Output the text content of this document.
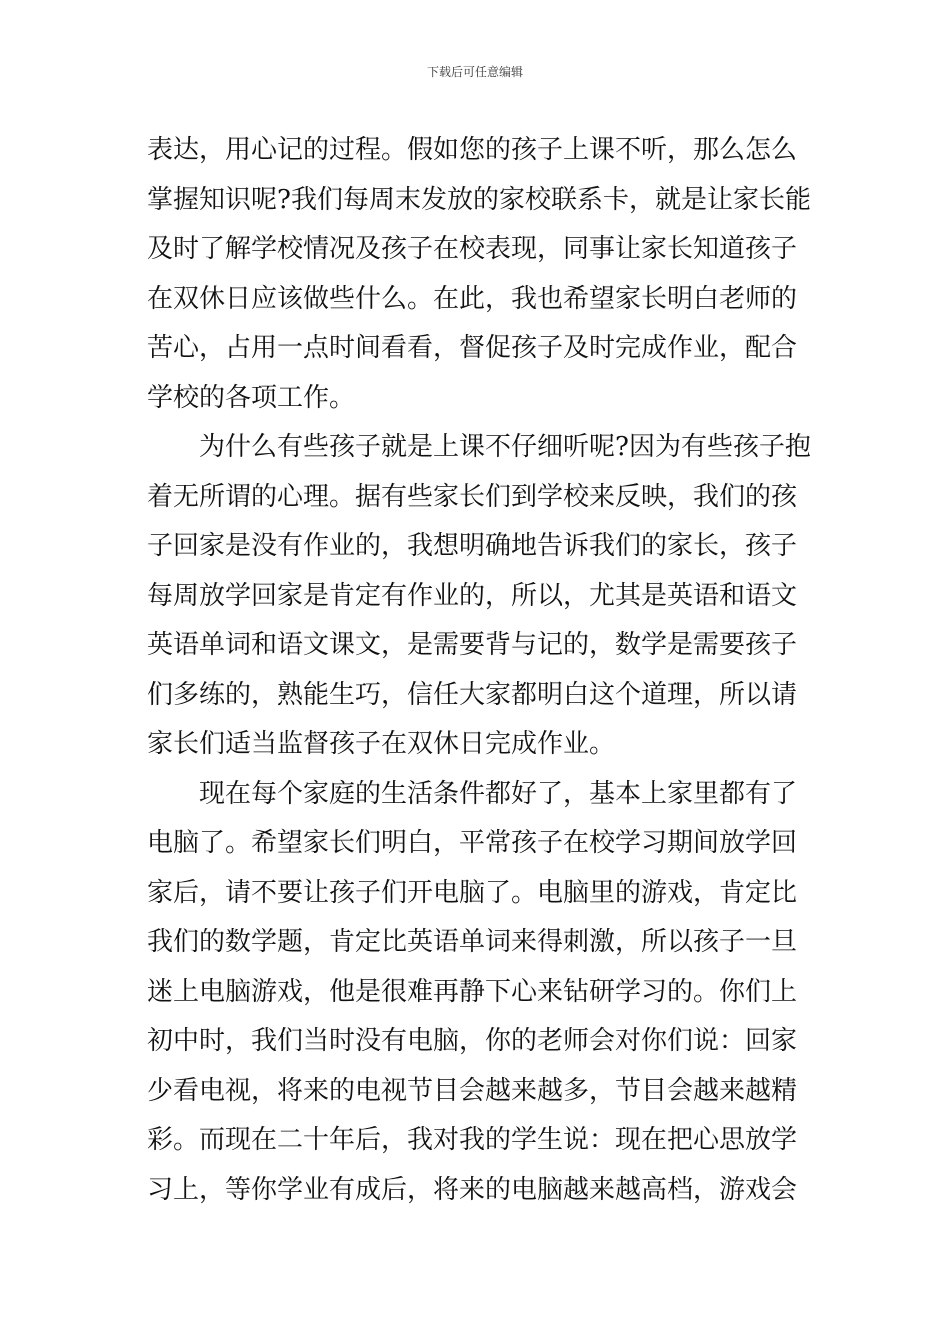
下载后可任意编辑
表达，用心记的过程。假如您的孩子上课不听，那么怎么
掌握知识呢?我们每周末发放的家校联系卡，就是让家长能
及时了解学校情况及孩子在校表现，同事让家长知道孩子
在双休日应该做些什么。在此，我也希望家长明白老师的
苦心，占用一点时间看看，督促孩子及时完成作业，配合
学校的各项工作。
为什么有些孩子就是上课不仔细听呢?因为有些孩子抱
着无所谓的心理。据有些家长们到学校来反映，我们的孩
子回家是没有作业的，我想明确地告诉我们的家长，孩子
每周放学回家是肯定有作业的，所以，尤其是英语和语文
英语单词和语文课文，是需要背与记的，数学是需要孩子
们多练的，熟能生巧，信任大家都明白这个道理，所以请
家长们适当监督孩子在双休日完成作业。
现在每个家庭的生活条件都好了，基本上家里都有了
电脑了。希望家长们明白，平常孩子在校学习期间放学回
家后，请不要让孩子们开电脑了。电脑里的游戏，肯定比
我们的数学题，肯定比英语单词来得刺激，所以孩子一旦
迷上电脑游戏，他是很难再静下心来钻研学习的。你们上
初中时，我们当时没有电脑，你的老师会对你们说：回家
少看电视，将来的电视节目会越来越多，节目会越来越精
彩。而现在二十年后，我对我的学生说：现在把心思放学
习上，等你学业有成后，将来的电脑越来越高档，游戏会
